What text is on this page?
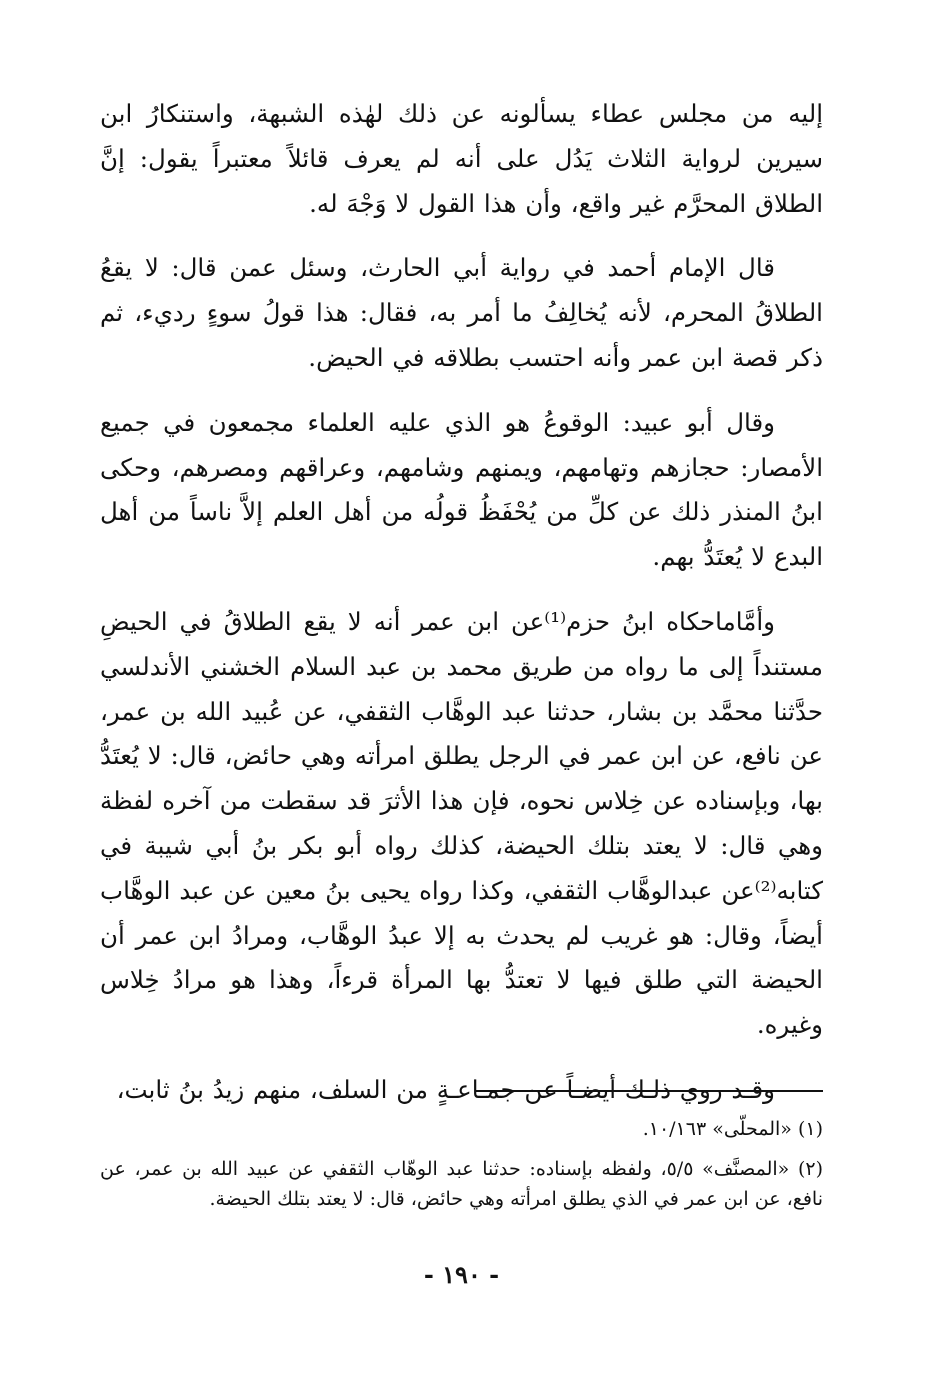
إليه من مجلس عطاء يسألونه عن ذلك لهٰذه الشبهة، واستنكارُ ابن سيرين لرواية الثلاث يَدُل على أنه لم يعرف قائلاً معتبراً يقول: إنَّ الطلاق المحرَّم غير واقع، وأن هذا القول لا وَجْهَ له.

قال الإمام أحمد في رواية أبي الحارث، وسئل عمن قال: لا يقعُ الطلاقُ المحرم، لأنه يُخالِفُ ما أمر به، فقال: هذا قولُ سوءٍ رديء، ثم ذكر قصة ابن عمر وأنه احتسب بطلاقه في الحيض.

وقال أبو عبيد: الوقوعُ هو الذي عليه العلماء مجمعون في جميع الأمصار: حجازهم وتهامهم، ويمنهم وشامهم، وعراقهم ومصرهم، وحكى ابنُ المنذر ذلك عن كلِّ من يُحْفَظُ قولُه من أهل العلم إلاَّ ناساً من أهل البدع لا يُعتَدُّ بهم.

وأمَّاماحكاه ابنُ حزم⁽¹⁾عن ابن عمر أنه لا يقع الطلاقُ في الحيضِ مستنداً إلى ما رواه من طريق محمد بن عبد السلام الخشني الأندلسي حدَّثنا محمَّد بن بشار، حدثنا عبد الوهَّاب الثقفي، عن عُبيد الله بن عمر، عن نافع، عن ابن عمر في الرجل يطلق امرأته وهي حائض، قال: لا يُعتَدُّ بها، وبإسناده عن خِلاس نحوه، فإن هذا الأثرَ قد سقطت من آخره لفظة وهي قال: لا يعتد بتلك الحيضة، كذلك رواه أبو بكر بنُ أبي شيبة في كتابه⁽²⁾عن عبدالوهَّاب الثقفي، وكذا رواه يحيى بنُ معين عن عبد الوهَّاب أيضاً، وقال: هو غريب لم يحدث به إلا عبدُ الوهَّاب، ومرادُ ابن عمر أن الحيضة التي طلق فيها لا تعتدُّ بها المرأة قرءاً، وهذا هو مرادُ خِلاس وغيره.

وقـد روي ذلـك أيضـاً عن جمـاعـةٍ من السلف، منهم زيدُ بنُ ثابت،

(١) «المحلّى» ١٠/١٦٣.

(٢) «المصنَّف» ٥/٥، ولفظه بإسناده: حدثنا عبد الوهّاب الثقفي عن عبيد الله بن عمر، عن نافع، عن ابن عمر في الذي يطلق امرأته وهي حائض، قال: لا يعتد بتلك الحيضة.

- ١٩٠ -
